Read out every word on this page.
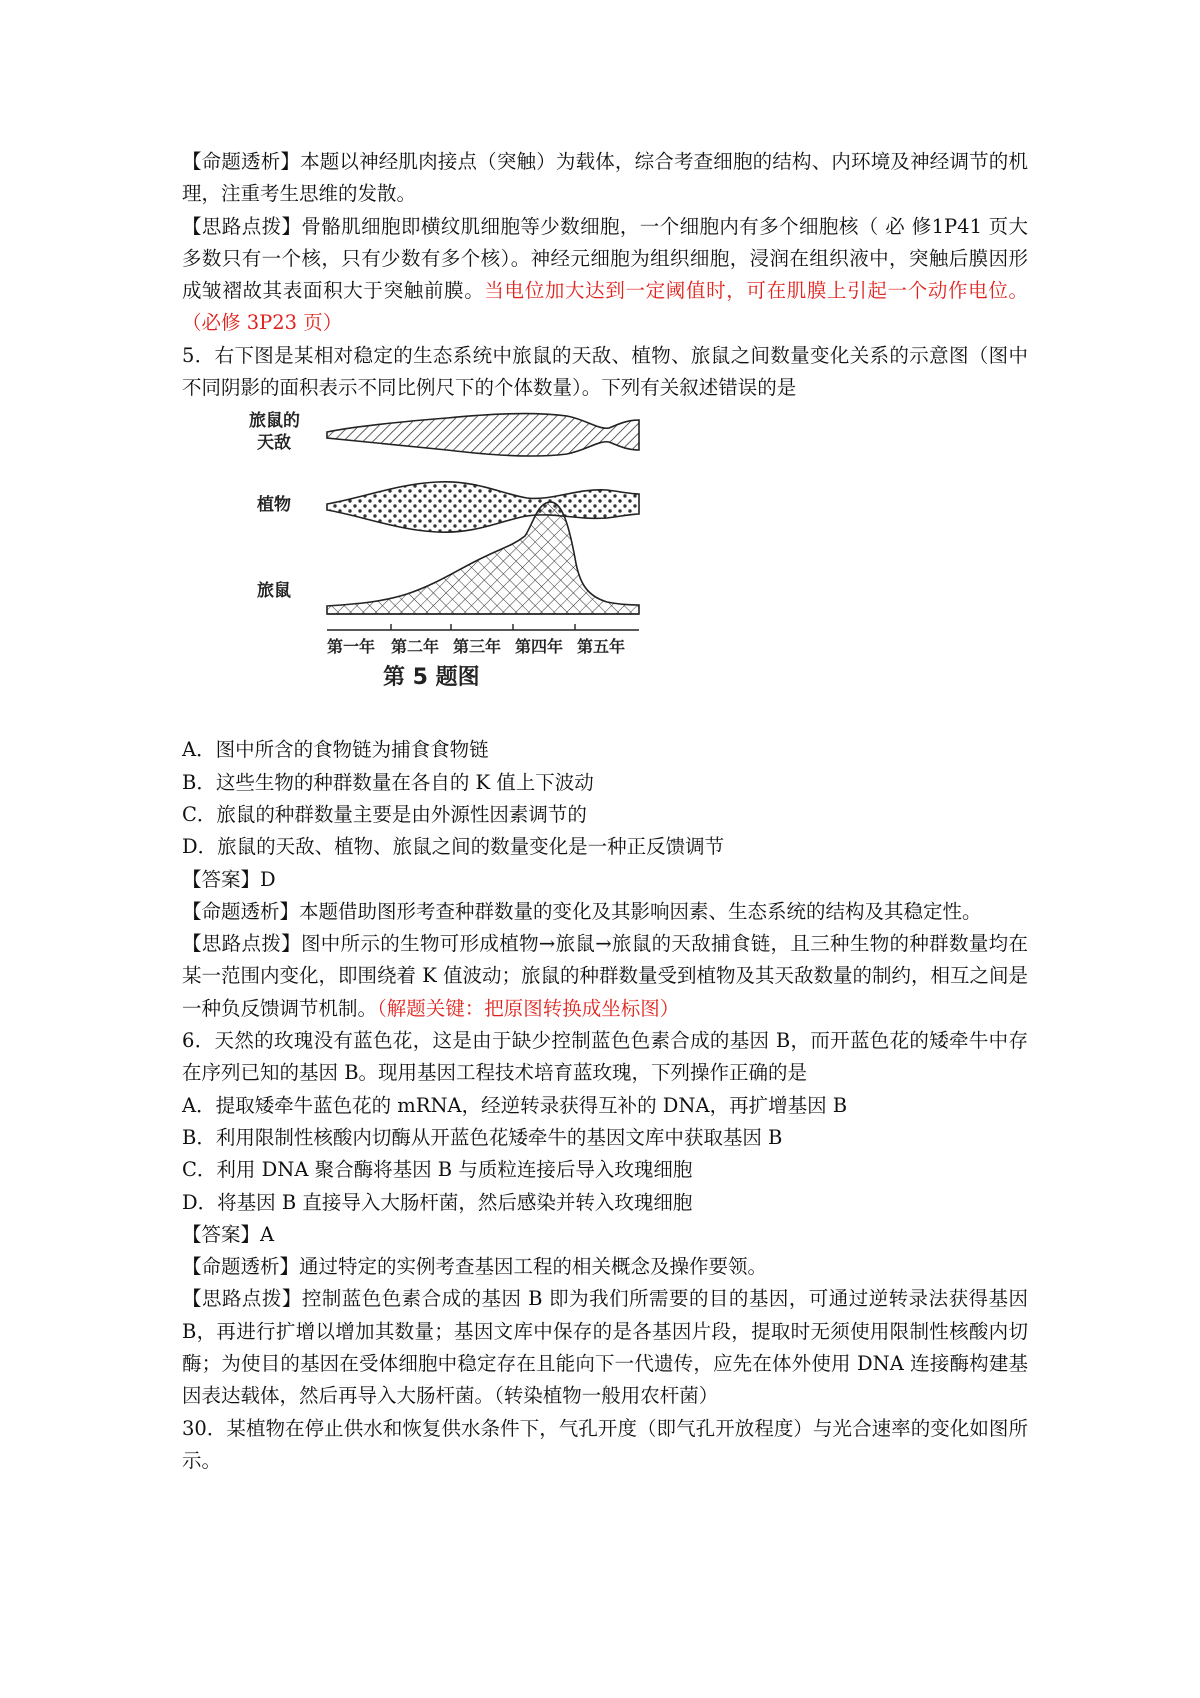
【命题透析】本题以神经肌肉接点（突触）为载体，综合考查细胞的结构、内环境及神经调节的机理，注重考生思维的发散。

【思路点拨】骨骼肌细胞即横纹肌细胞等少数细胞，一个细胞内有多个细胞核（ 必 修1P41 页大多数只有一个核，只有少数有多个核）。神经元细胞为组织细胞，浸润在组织液中，突触后膜因形成皱褶故其表面积大于突触前膜。当电位加大达到一定阈值时，可在肌膜上引起一个动作电位。（必修 3P23 页）

5．右下图是某相对稳定的生态系统中旅鼠的天敌、植物、旅鼠之间数量变化关系的示意图（图中不同阴影的面积表示不同比例尺下的个体数量）。下列有关叙述错误的是

旅鼠的
天敌
植物
旅鼠
第一年 第二年 第三年 第四年 第五年
第 5 题图

A．图中所含的食物链为捕食食物链

B．这些生物的种群数量在各自的 K 值上下波动

C．旅鼠的种群数量主要是由外源性因素调节的

D．旅鼠的天敌、植物、旅鼠之间的数量变化是一种正反馈调节

【答案】D

【命题透析】本题借助图形考查种群数量的变化及其影响因素、生态系统的结构及其稳定性。

【思路点拨】图中所示的生物可形成植物→旅鼠→旅鼠的天敌捕食链，且三种生物的种群数量均在某一范围内变化，即围绕着 K 值波动；旅鼠的种群数量受到植物及其天敌数量的制约，相互之间是一种负反馈调节机制。（解题关键：把原图转换成坐标图）

6．天然的玫瑰没有蓝色花，这是由于缺少控制蓝色色素合成的基因 B，而开蓝色花的矮牵牛中存在序列已知的基因 B。现用基因工程技术培育蓝玫瑰，下列操作正确的是

A．提取矮牵牛蓝色花的 mRNA，经逆转录获得互补的 DNA，再扩增基因 B

B．利用限制性核酸内切酶从开蓝色花矮牵牛的基因文库中获取基因 B

C．利用 DNA 聚合酶将基因 B 与质粒连接后导入玫瑰细胞

D．将基因 B 直接导入大肠杆菌，然后感染并转入玫瑰细胞

【答案】A

【命题透析】通过特定的实例考查基因工程的相关概念及操作要领。

【思路点拨】控制蓝色色素合成的基因 B 即为我们所需要的目的基因，可通过逆转录法获得基因 B，再进行扩增以增加其数量；基因文库中保存的是各基因片段，提取时无须使用限制性核酸内切酶；为使目的基因在受体细胞中稳定存在且能向下一代遗传，应先在体外使用 DNA 连接酶构建基因表达载体，然后再导入大肠杆菌。（转染植物一般用农杆菌）

30．某植物在停止供水和恢复供水条件下，气孔开度（即气孔开放程度）与光合速率的变化如图所示。
